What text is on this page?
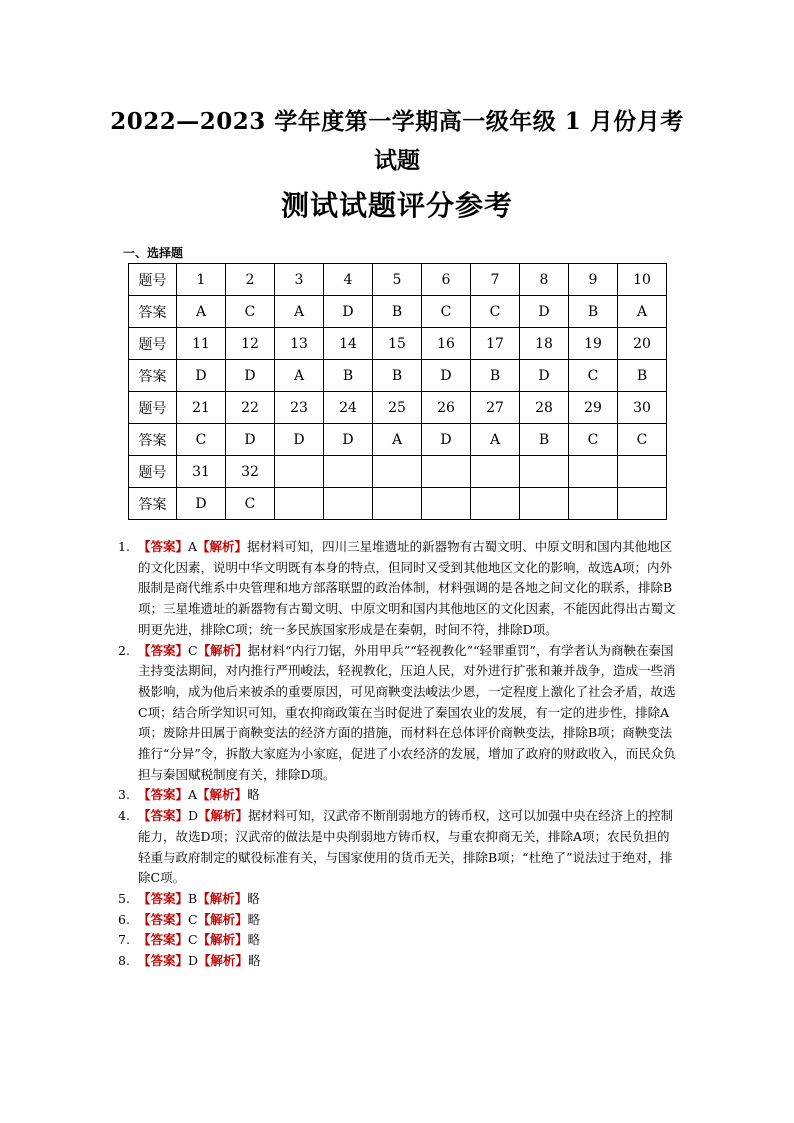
2022—2023 学年度第一学期高一级年级 1 月份月考
试题
测试试题评分参考
一、选择题
题号	1	2	3	4	5	6	7	8	9	10
答案	A	C	A	D	B	C	C	D	B	A
题号	11	12	13	14	15	16	17	18	19	20
答案	D	D	A	B	B	D	B	D	C	B
题号	21	22	23	24	25	26	27	28	29	30
答案	C	D	D	D	A	D	A	B	C	C
题号	31	32								
答案	D	C								
1. 【答案】A【解析】据材料可知，四川三星堆遗址的新器物有古蜀文明、中原文明和国内其他地区的文化因素，说明中华文明既有本身的特点，但同时又受到其他地区文化的影响，故选A项；内外服制是商代维系中央管理和地方部落联盟的政治体制，材料强调的是各地之间文化的联系，排除B项；三星堆遗址的新器物有古蜀文明、中原文明和国内其他地区的文化因素，不能因此得出古蜀文明更先进，排除C项；统一多民族国家形成是在秦朝，时间不符，排除D项。
2. 【答案】C【解析】据材料“内行刀锯，外用甲兵”“轻视教化”“轻罪重罚”，有学者认为商鞅在秦国主持变法期间，对内推行严刑峻法，轻视教化，压迫人民，对外进行扩张和兼并战争，造成一些消极影响，成为他后来被杀的重要原因，可见商鞅变法峻法少恩，一定程度上激化了社会矛盾，故选C项；结合所学知识可知，重农抑商政策在当时促进了秦国农业的发展，有一定的进步性，排除A项；废除井田属于商鞅变法的经济方面的措施，而材料在总体评价商鞅变法，排除B项；商鞅变法推行“分异”令，拆散大家庭为小家庭，促进了小农经济的发展，增加了政府的财政收入，而民众负担与秦国赋税制度有关，排除D项。
3. 【答案】A【解析】略
4. 【答案】D【解析】据材料可知，汉武帝不断削弱地方的铸币权，这可以加强中央在经济上的控制能力，故选D项；汉武帝的做法是中央削弱地方铸币权，与重农抑商无关，排除A项；农民负担的轻重与政府制定的赋役标准有关，与国家使用的货币无关，排除B项；“杜绝了”说法过于绝对，排除C项。
5. 【答案】B【解析】略
6. 【答案】C【解析】略
7. 【答案】C【解析】略
8. 【答案】D【解析】略
